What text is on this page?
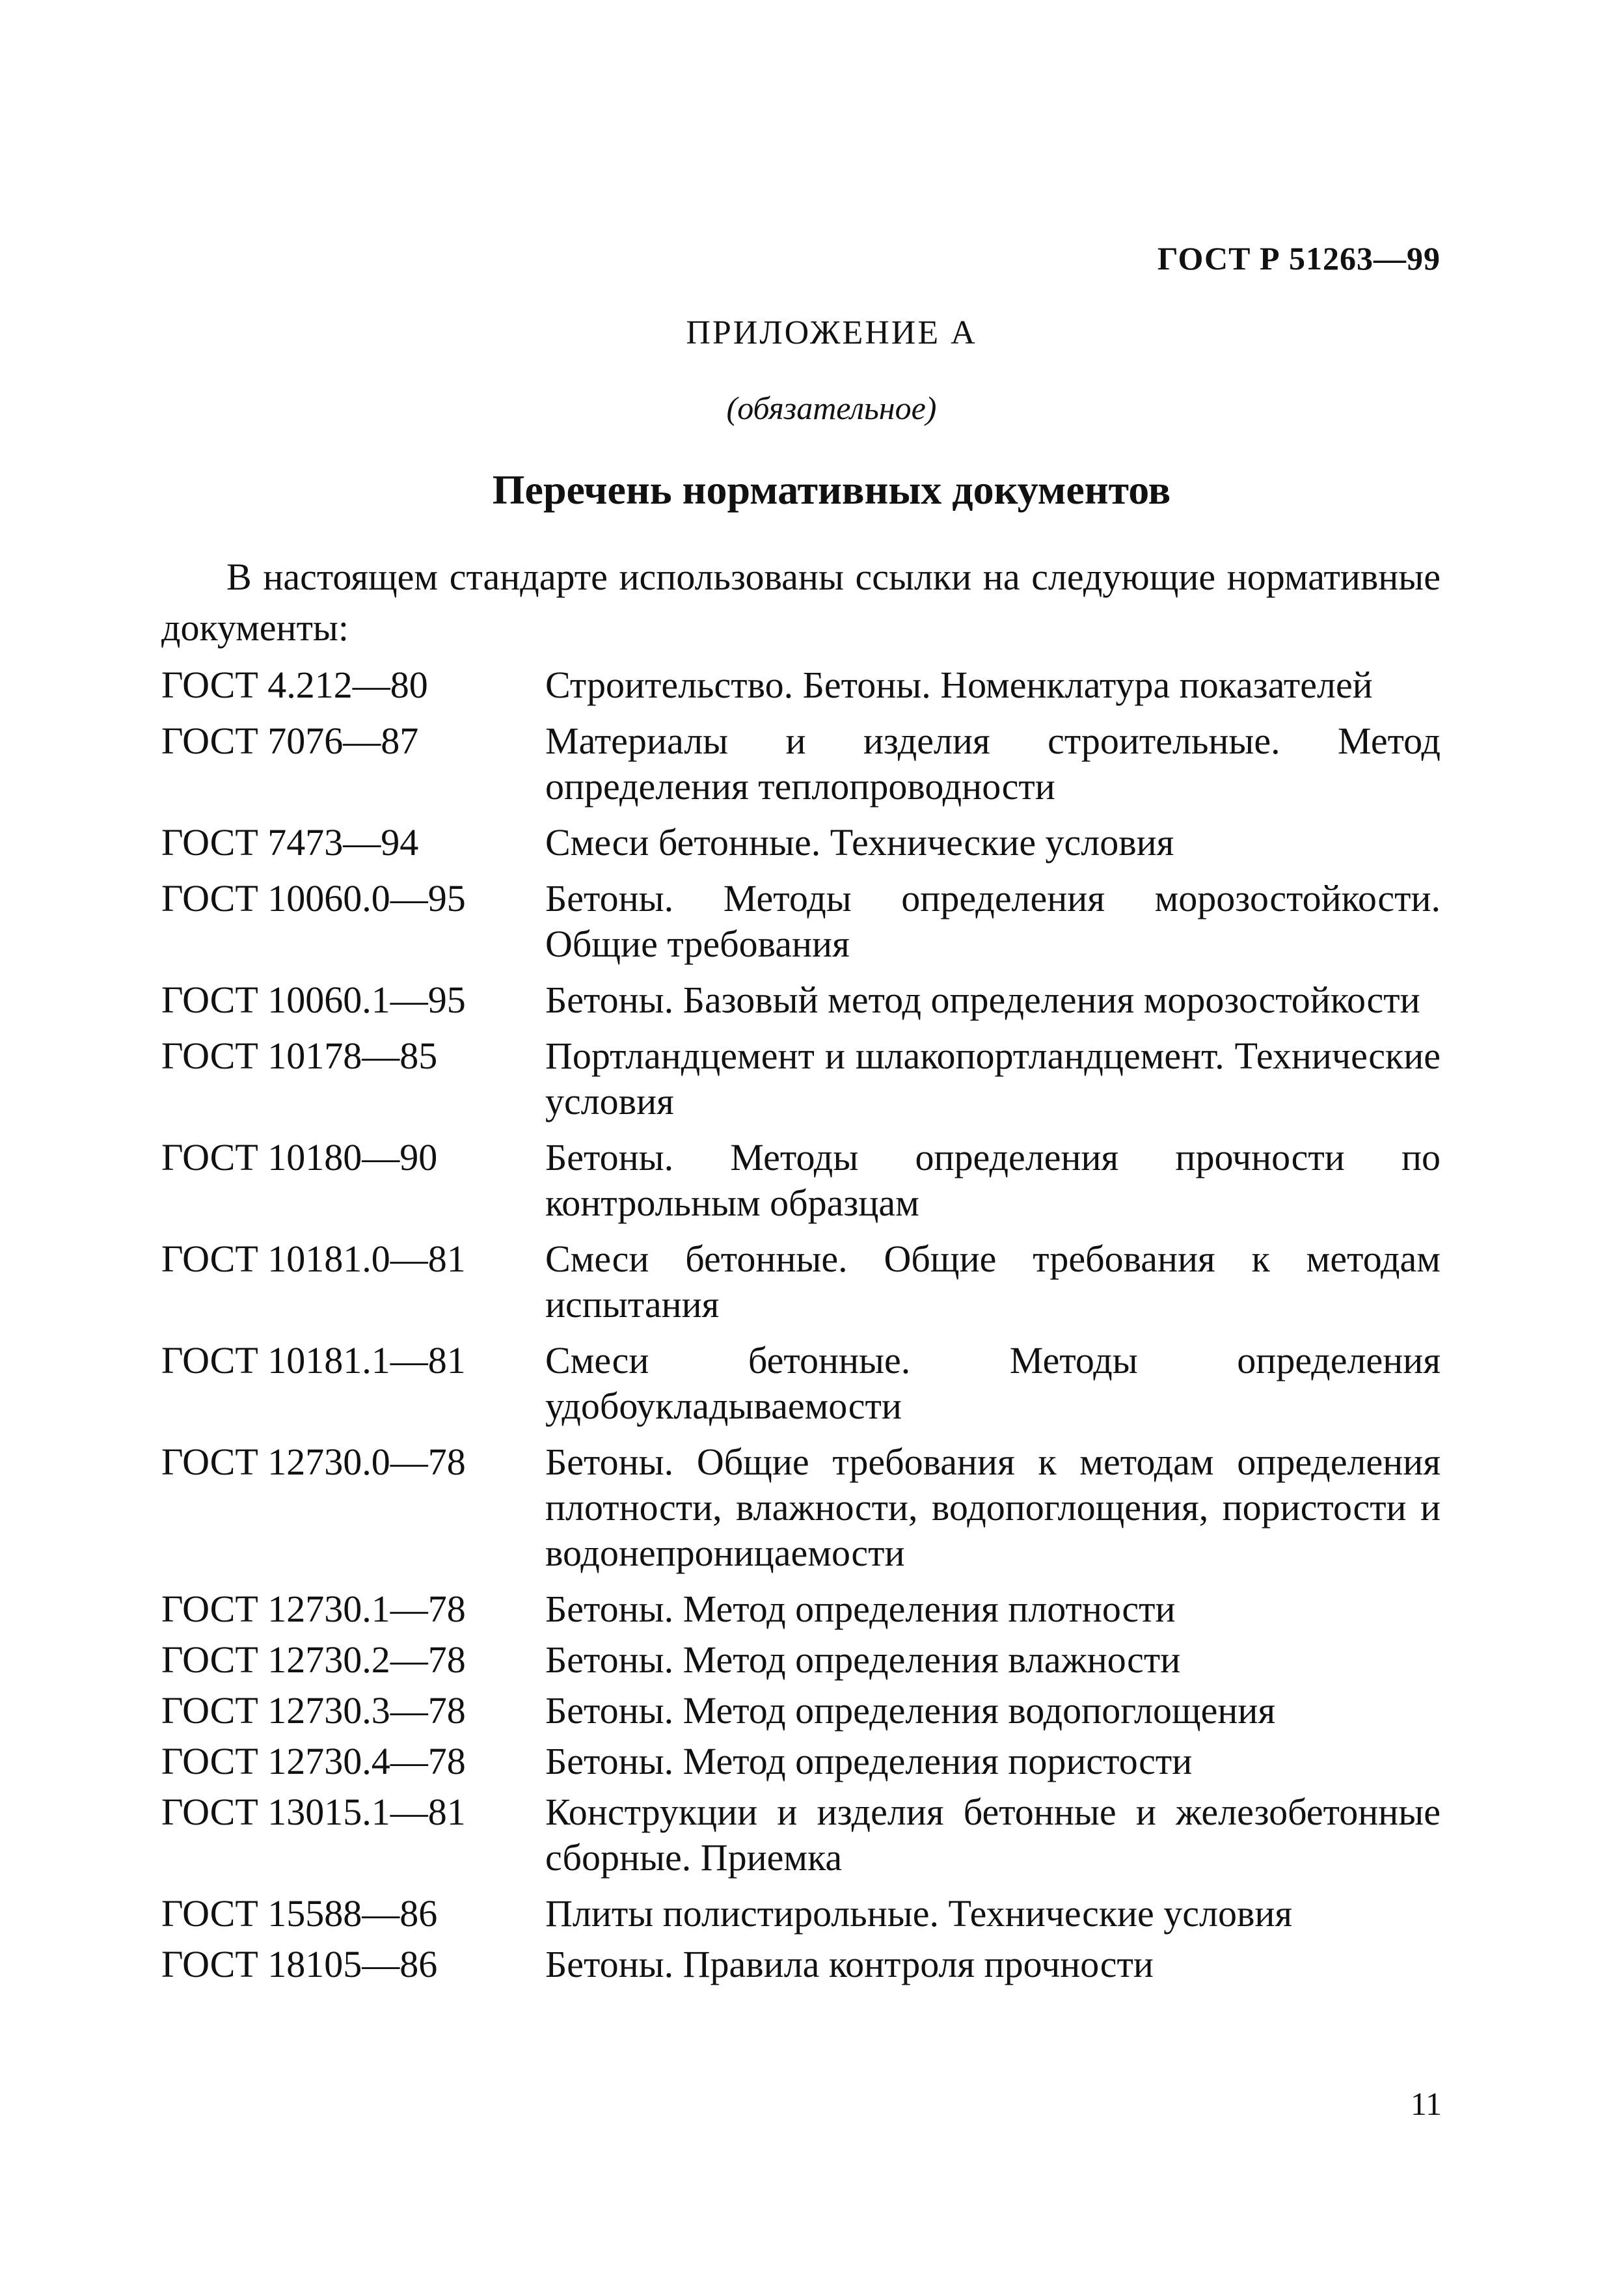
ГОСТ Р 51263—99
ПРИЛОЖЕНИЕ А
(обязательное)
Перечень нормативных документов

В настоящем стандарте использованы ссылки на следующие нормативные документы:

ГОСТ 4.212—80	Строительство. Бетоны. Номенклатура показателей
ГОСТ 7076—87	Материалы и изделия строительные. Метод определения теплопроводности
ГОСТ 7473—94	Смеси бетонные. Технические условия
ГОСТ 10060.0—95	Бетоны. Методы определения морозостойкости. Общие требования
ГОСТ 10060.1—95	Бетоны. Базовый метод определения морозостойкости
ГОСТ 10178—85	Портландцемент и шлакопортландцемент. Технические условия
ГОСТ 10180—90	Бетоны. Методы определения прочности по контрольным образцам
ГОСТ 10181.0—81	Смеси бетонные. Общие требования к методам испытания
ГОСТ 10181.1—81	Смеси бетонные. Методы определения удобоукладываемости
ГОСТ 12730.0—78	Бетоны. Общие требования к методам определения плотности, влажности, водопоглощения, пористости и водонепроницаемости
ГОСТ 12730.1—78	Бетоны. Метод определения плотности
ГОСТ 12730.2—78	Бетоны. Метод определения влажности
ГОСТ 12730.3—78	Бетоны. Метод определения водопоглощения
ГОСТ 12730.4—78	Бетоны. Метод определения пористости
ГОСТ 13015.1—81	Конструкции и изделия бетонные и железобетонные сборные. Приемка
ГОСТ 15588—86	Плиты полистирольные. Технические условия
ГОСТ 18105—86	Бетоны. Правила контроля прочности
11
